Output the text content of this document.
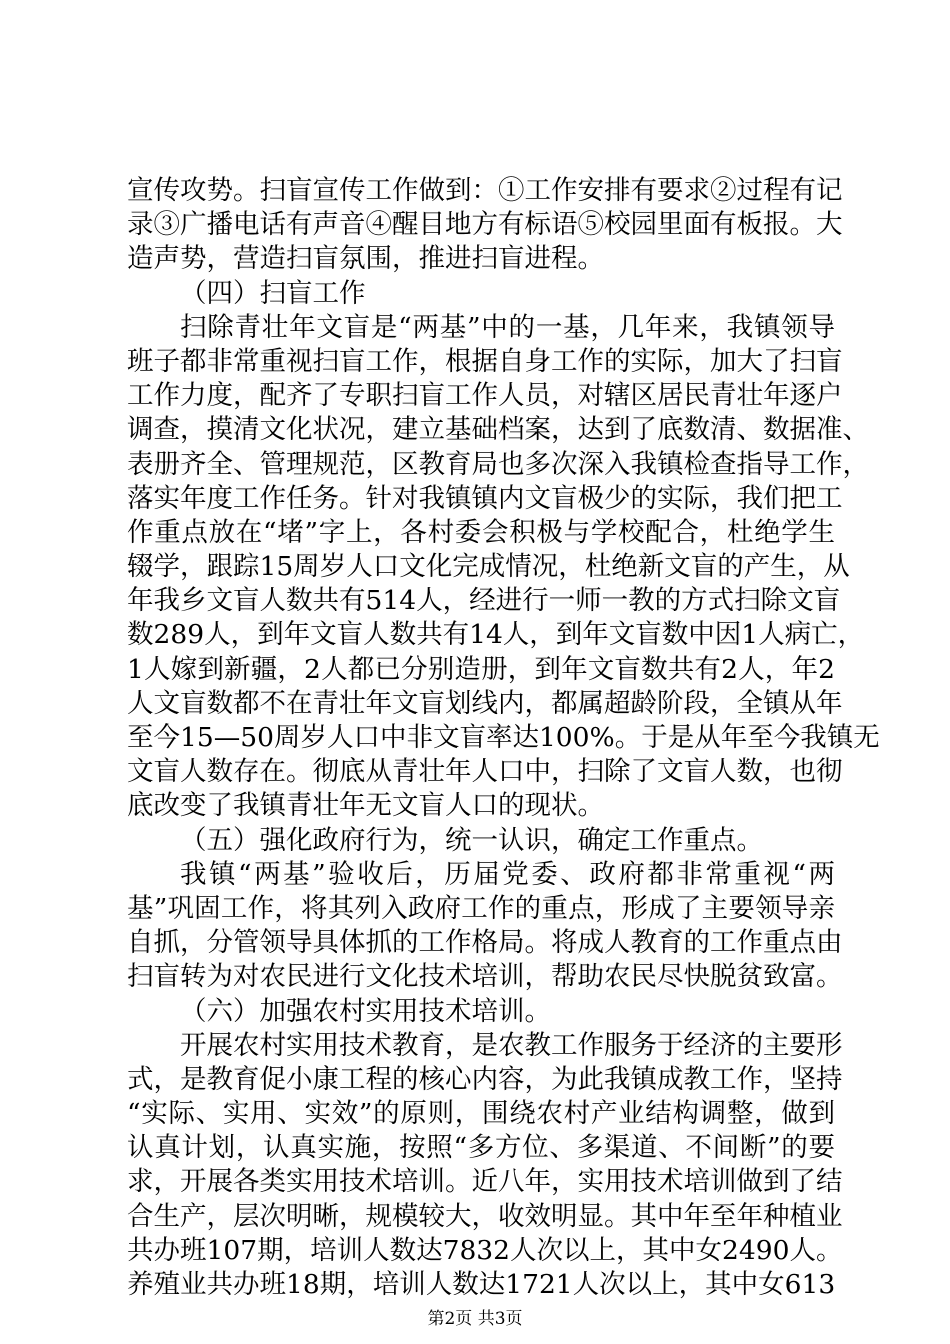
宣传攻势。扫盲宣传工作做到：①工作安排有要求②过程有记
录③广播电话有声音④醒目地方有标语⑤校园里面有板报。大
造声势，营造扫盲氛围，推进扫盲进程。
（四）扫盲工作
扫除青壮年文盲是“两基”中的一基，几年来，我镇领导
班子都非常重视扫盲工作，根据自身工作的实际，加大了扫盲
工作力度，配齐了专职扫盲工作人员，对辖区居民青壮年逐户
调查，摸清文化状况，建立基础档案，达到了底数清、数据准、
表册齐全、管理规范，区教育局也多次深入我镇检查指导工作，
落实年度工作任务。针对我镇镇内文盲极少的实际，我们把工
作重点放在“堵”字上，各村委会积极与学校配合，杜绝学生
辍学，跟踪15周岁人口文化完成情况，杜绝新文盲的产生，从
年我乡文盲人数共有514人，经进行一师一教的方式扫除文盲
数289人，到年文盲人数共有14人，到年文盲数中因1人病亡，
1人嫁到新疆，2人都已分别造册，到年文盲数共有2人，年2
人文盲数都不在青壮年文盲划线内，都属超龄阶段，全镇从年
至今15—50周岁人口中非文盲率达100%。于是从年至今我镇无
文盲人数存在。彻底从青壮年人口中，扫除了文盲人数，也彻
底改变了我镇青壮年无文盲人口的现状。
（五）强化政府行为，统一认识，确定工作重点。
我镇“两基”验收后，历届党委、政府都非常重视“两
基”巩固工作，将其列入政府工作的重点，形成了主要领导亲
自抓，分管领导具体抓的工作格局。将成人教育的工作重点由
扫盲转为对农民进行文化技术培训，帮助农民尽快脱贫致富。
（六）加强农村实用技术培训。
开展农村实用技术教育，是农教工作服务于经济的主要形
式，是教育促小康工程的核心内容，为此我镇成教工作，坚持
“实际、实用、实效”的原则，围绕农村产业结构调整，做到
认真计划，认真实施，按照“多方位、多渠道、不间断”的要
求，开展各类实用技术培训。近八年，实用技术培训做到了结
合生产，层次明晰，规模较大，收效明显。其中年至年种植业
共办班107期，培训人数达7832人次以上，其中女2490人。
养殖业共办班18期，培训人数达1721人次以上，其中女613
第2页 共3页
